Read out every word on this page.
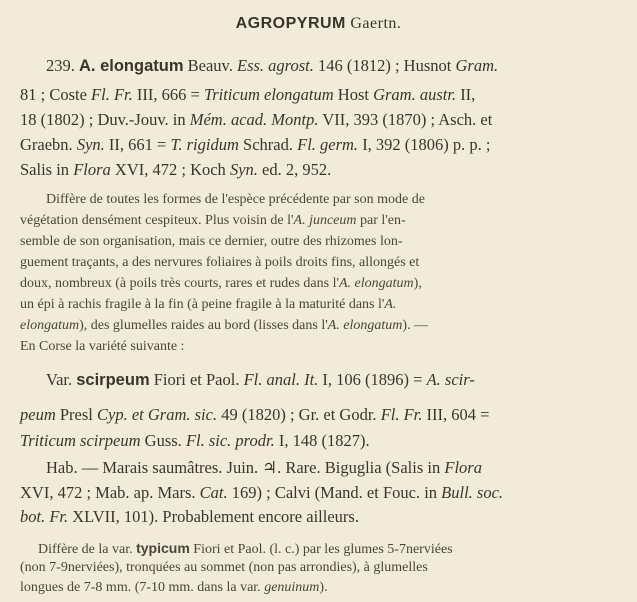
AGROPYRUM Gaertn.
239. A. elongatum Beauv. Ess. agrost. 146 (1812) ; Husnot Gram.
81 ; Coste Fl. Fr. III, 666 = Triticum elongatum Host Gram. austr. II,
18 (1802) ; Duv.-Jouv. in Mém. acad. Montp. VII, 393 (1870) ; Asch. et
Graebn. Syn. II, 661 = T. rigidum Schrad. Fl. germ. I, 392 (1806) p. p. ;
Salis in Flora XVI, 472 ; Koch Syn. ed. 2, 952.
Diffère de toutes les formes de l'espèce précédente par son mode de
végétation densément cespiteux. Plus voisin de l'A. junceum par l'en-
semble de son organisation, mais ce dernier, outre des rhizomes lon-
guement traçants, a des nervures foliaires à poils droits fins, allongés et
doux, nombreux (à poils très courts, rares et rudes dans l'A. elongatum),
un épi à rachis fragile à la fin (à peine fragile à la maturité dans l'A.
elongatum), des glumelles raides au bord (lisses dans l'A. elongatum). —
En Corse la variété suivante :
Var. scirpeum Fiori et Paol. Fl. anal. It. I, 106 (1896) = A. scir-
peum Presl Cyp. et Gram. sic. 49 (1820) ; Gr. et Godr. Fl. Fr. III, 604 =
Triticum scirpeum Guss. Fl. sic. prodr. I, 148 (1827).
Hab. — Marais saumâtres. Juin. ♃. Rare. Biguglia (Salis in Flora
XVI, 472 ; Mab. ap. Mars. Cat. 169) ; Calvi (Mand. et Fouc. in Bull. soc.
bot. Fr. XLVII, 101). Probablement encore ailleurs.
Diffère de la var. typicum Fiori et Paol. (l. c.) par les glumes 5-7nerviées
(non 7-9nerviées), tronquées au sommet (non pas arrondies), à glumelles
longues de 7-8 mm. (7-10 mm. dans la var. genuinum).
